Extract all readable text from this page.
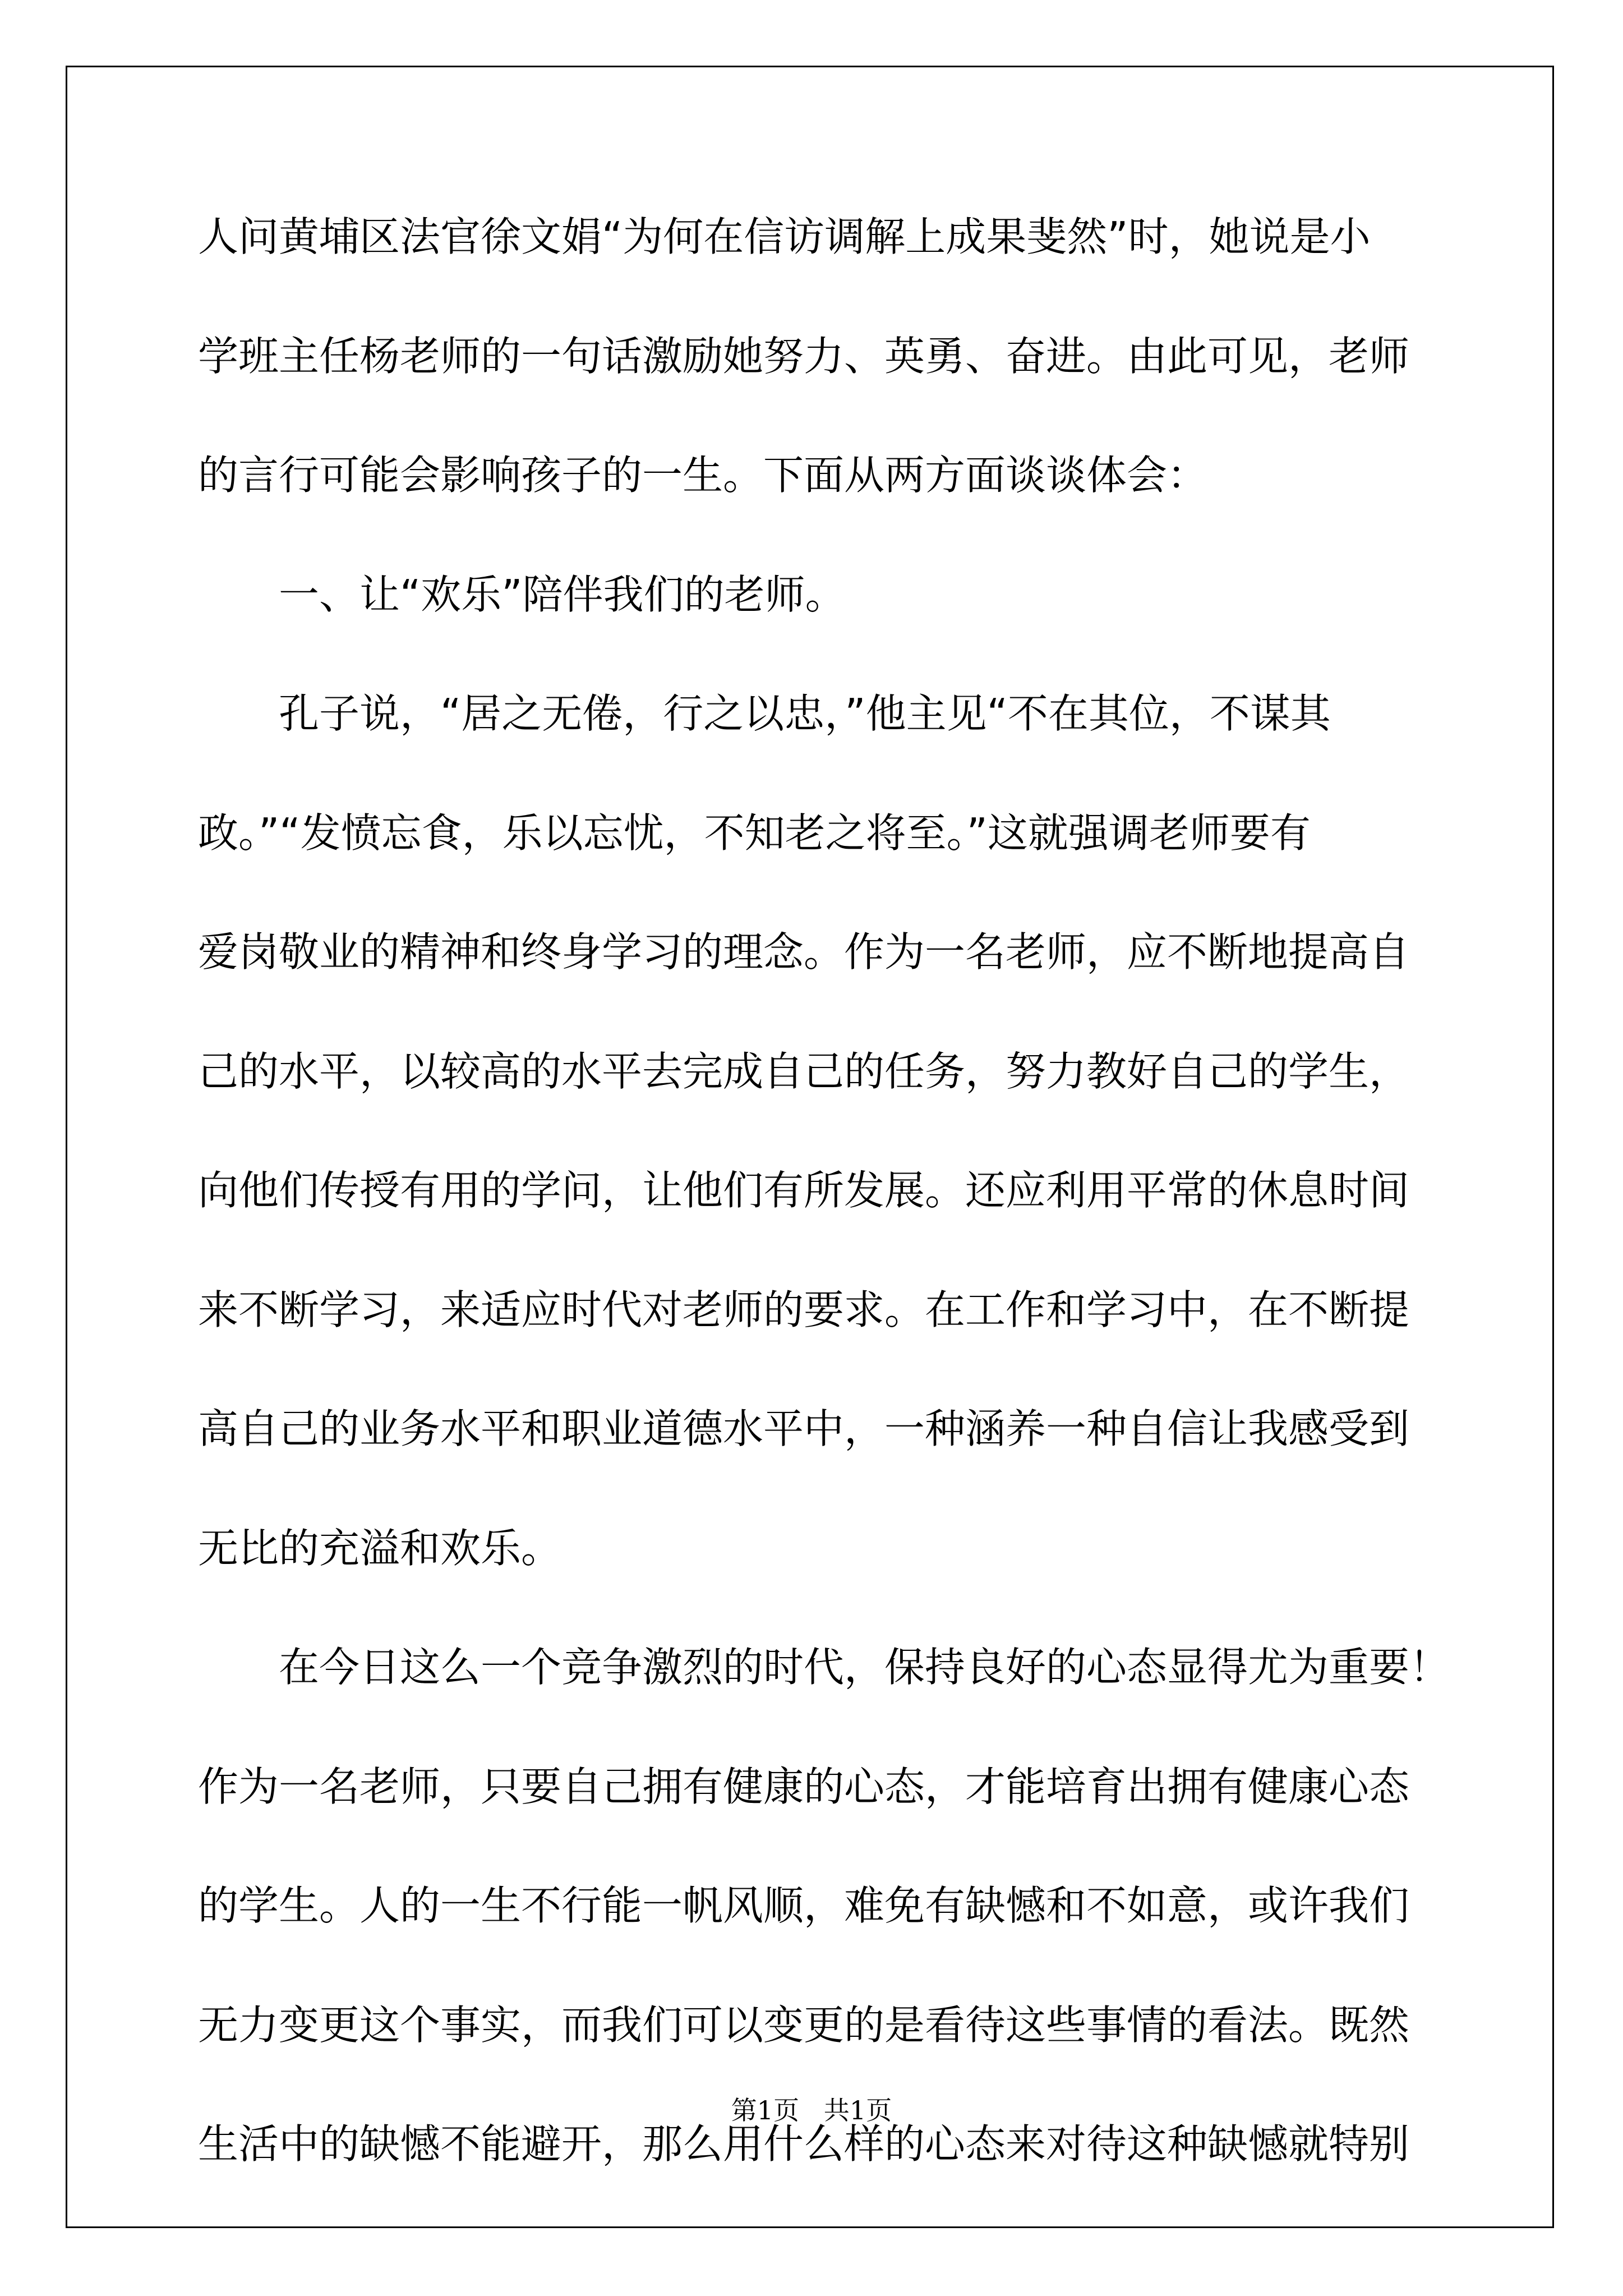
人问黄埔区法官徐文娟“为何在信访调解上成果斐然”时，她说是小

学班主任杨老师的一句话激励她努力、英勇、奋进。由此可见，老师

的言行可能会影响孩子的一生。下面从两方面谈谈体会：

一、让“欢乐”陪伴我们的老师。

孔子说，“居之无倦，行之以忠，”他主见“不在其位，不谋其

政。”“发愤忘食，乐以忘忧，不知老之将至。”这就强调老师要有

爱岗敬业的精神和终身学习的理念。作为一名老师，应不断地提高自

己的水平，以较高的水平去完成自己的任务，努力教好自己的学生，

向他们传授有用的学问，让他们有所发展。还应利用平常的休息时间

来不断学习，来适应时代对老师的要求。在工作和学习中，在不断提

高自己的业务水平和职业道德水平中，一种涵养一种自信让我感受到

无比的充溢和欢乐。

在今日这么一个竞争激烈的时代，保持良好的心态显得尤为重要！

作为一名老师，只要自己拥有健康的心态，才能培育出拥有健康心态

的学生。人的一生不行能一帆风顺，难免有缺憾和不如意，或许我们

无力变更这个事实，而我们可以变更的是看待这些事情的看法。既然

生活中的缺憾不能避开，那么用什么样的心态来对待这种缺憾就特别

第1页   共1页
